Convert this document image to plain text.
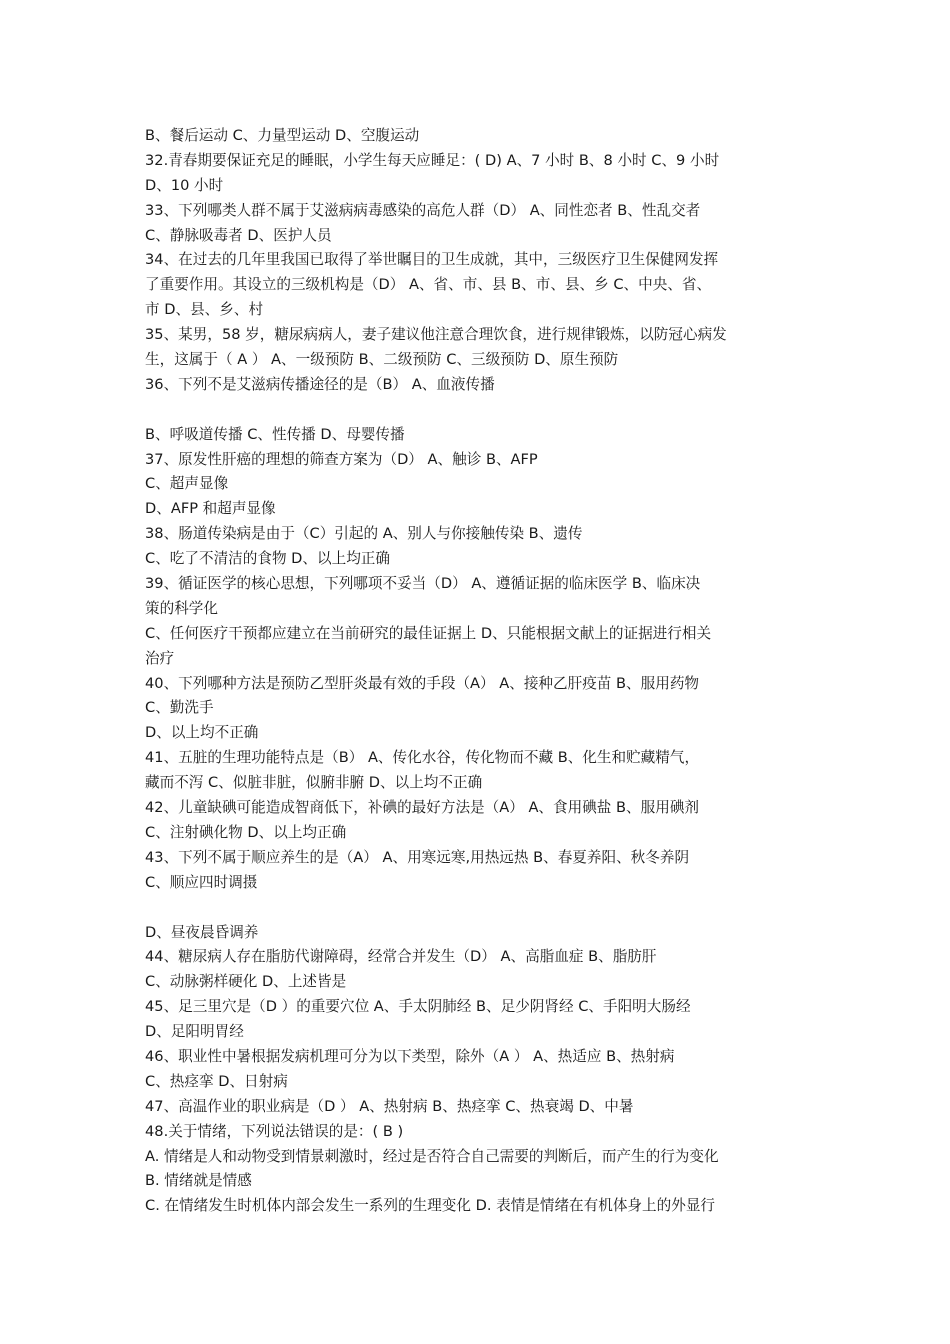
B、餐后运动 C、力量型运动 D、空腹运动
32.青春期要保证充足的睡眠，小学生每天应睡足：( D) A、7 小时 B、8 小时 C、9 小时
D、10 小时
33、下列哪类人群不属于艾滋病病毒感染的高危人群（D） A、同性恋者 B、性乱交者
C、静脉吸毒者 D、医护人员
34、在过去的几年里我国已取得了举世瞩目的卫生成就，其中，三级医疗卫生保健网发挥
了重要作用。其设立的三级机构是（D） A、省、市、县 B、市、县、乡 C、中央、省、
市 D、县、乡、村
35、某男，58 岁，糖尿病病人，妻子建议他注意合理饮食，进行规律锻炼，以防冠心病发
生，这属于（ A ） A、一级预防 B、二级预防 C、三级预防 D、原生预防
36、下列不是艾滋病传播途径的是（B） A、血液传播
B、呼吸道传播 C、性传播 D、母婴传播
37、原发性肝癌的理想的筛查方案为（D） A、触诊 B、AFP
C、超声显像
D、AFP 和超声显像
38、肠道传染病是由于（C）引起的 A、别人与你接触传染 B、遗传
C、吃了不清洁的食物 D、以上均正确
39、循证医学的核心思想，下列哪项不妥当（D） A、遵循证据的临床医学 B、临床决
策的科学化
C、任何医疗干预都应建立在当前研究的最佳证据上 D、只能根据文献上的证据进行相关
治疗
40、下列哪种方法是预防乙型肝炎最有效的手段（A） A、接种乙肝疫苗 B、服用药物
C、勤洗手
D、以上均不正确
41、五脏的生理功能特点是（B） A、传化水谷，传化物而不藏 B、化生和贮藏精气，
藏而不泻 C、似脏非脏，似腑非腑 D、以上均不正确
42、儿童缺碘可能造成智商低下，补碘的最好方法是（A） A、食用碘盐 B、服用碘剂
C、注射碘化物 D、以上均正确
43、下列不属于顺应养生的是（A） A、用寒远寒,用热远热 B、春夏养阳、秋冬养阴
C、顺应四时调摄
D、昼夜晨昏调养
44、糖尿病人存在脂肪代谢障碍，经常合并发生（D） A、高脂血症 B、脂肪肝
C、动脉粥样硬化 D、上述皆是
45、足三里穴是（D ）的重要穴位 A、手太阴肺经 B、足少阴肾经 C、手阳明大肠经
D、足阳明胃经
46、职业性中暑根据发病机理可分为以下类型，除外（A ） A、热适应 B、热射病
C、热痉挛 D、日射病
47、高温作业的职业病是（D ） A、热射病 B、热痉挛 C、热衰竭 D、中暑
48.关于情绪，下列说法错误的是：( B )
A. 情绪是人和动物受到情景刺激时，经过是否符合自己需要的判断后，而产生的行为变化
B. 情绪就是情感
C. 在情绪发生时机体内部会发生一系列的生理变化 D. 表情是情绪在有机体身上的外显行
